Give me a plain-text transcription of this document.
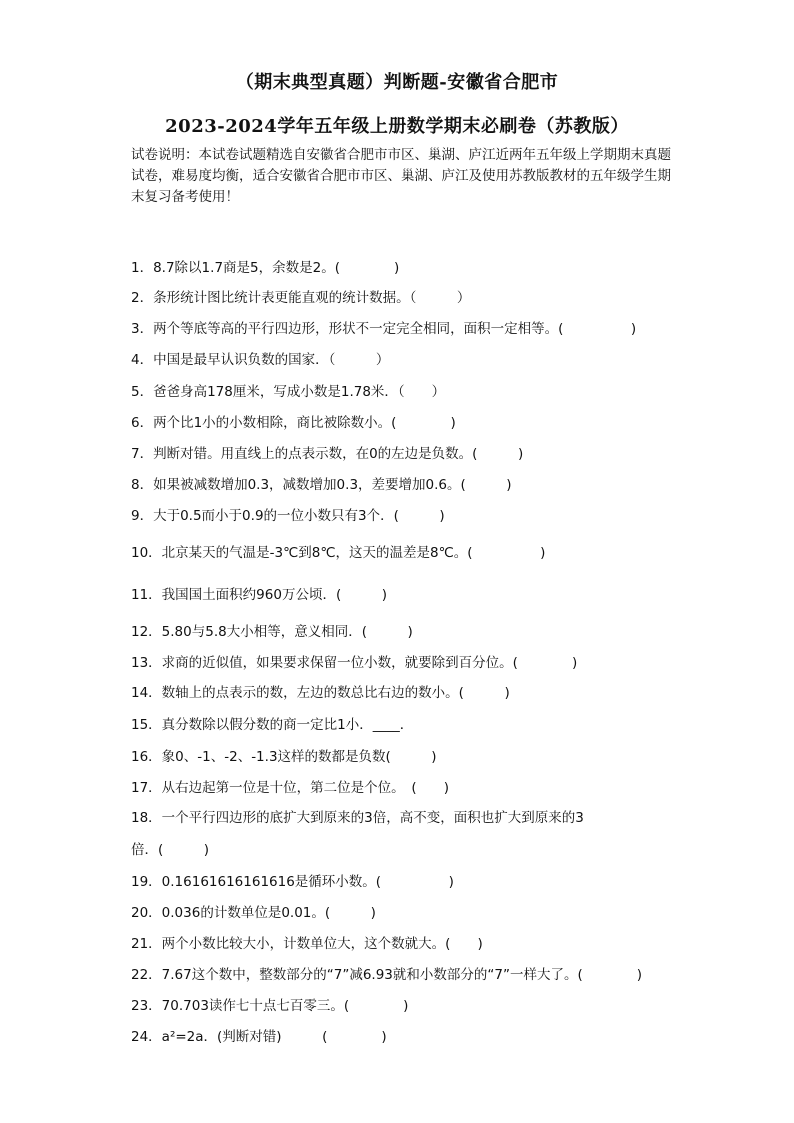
（期末典型真题）判断题-安徽省合肥市
2023-2024学年五年级上册数学期末必刷卷（苏教版）
试卷说明：本试卷试题精选自安徽省合肥市市区、巢湖、庐江近两年五年级上学期期末真题试卷，难易度均衡，适合安徽省合肥市市区、巢湖、庐江及使用苏教版教材的五年级学生期末复习备考使用！
1．8.7除以1.7商是5，余数是2。(　　　　)
2．条形统计图比统计表更能直观的统计数据。（　　　）
3．两个等底等高的平行四边形，形状不一定完全相同，面积一定相等。(　　　　　)
4．中国是最早认识负数的国家．（　　　）
5．爸爸身高178厘米，写成小数是1.78米．（　　）
6．两个比1小的小数相除，商比被除数小。(　　　　)
7．判断对错。用直线上的点表示数，在0的左边是负数。(　　　)
8．如果被减数增加0.3，减数增加0.3，差要增加0.6。(　　　)
9．大于0.5而小于0.9的一位小数只有3个．(　　　)
10．北京某天的气温是-3℃到8℃，这天的温差是8℃。(　　　　　)
11．我国国土面积约960万公顷．(　　　)
12．5.80与5.8大小相等，意义相同．(　　　)
13．求商的近似值，如果要求保留一位小数，就要除到百分位。(　　　　)
14．数轴上的点表示的数，左边的数总比右边的数小。(　　　)
15．真分数除以假分数的商一定比1小．____．
16．象0、-1、-2、-1.3这样的数都是负数(　　　)
17．从右边起第一位是十位，第二位是个位。　(　　)
18．一个平行四边形的底扩大到原来的3倍，高不变，面积也扩大到原来的3
倍．(　　　)
19．0.16161616161616是循环小数。(　　　　　)
20．0.036的计数单位是0.01。(　　　)
21．两个小数比较大小，计数单位大，这个数就大。(　　)
22．7.67这个数中，整数部分的“7”减6.93就和小数部分的“7”一样大了。(　　　　)
23．70.703读作七十点七百零三。(　　　　)
24．a²=2a．(判断对错)　　　(　　　　)
